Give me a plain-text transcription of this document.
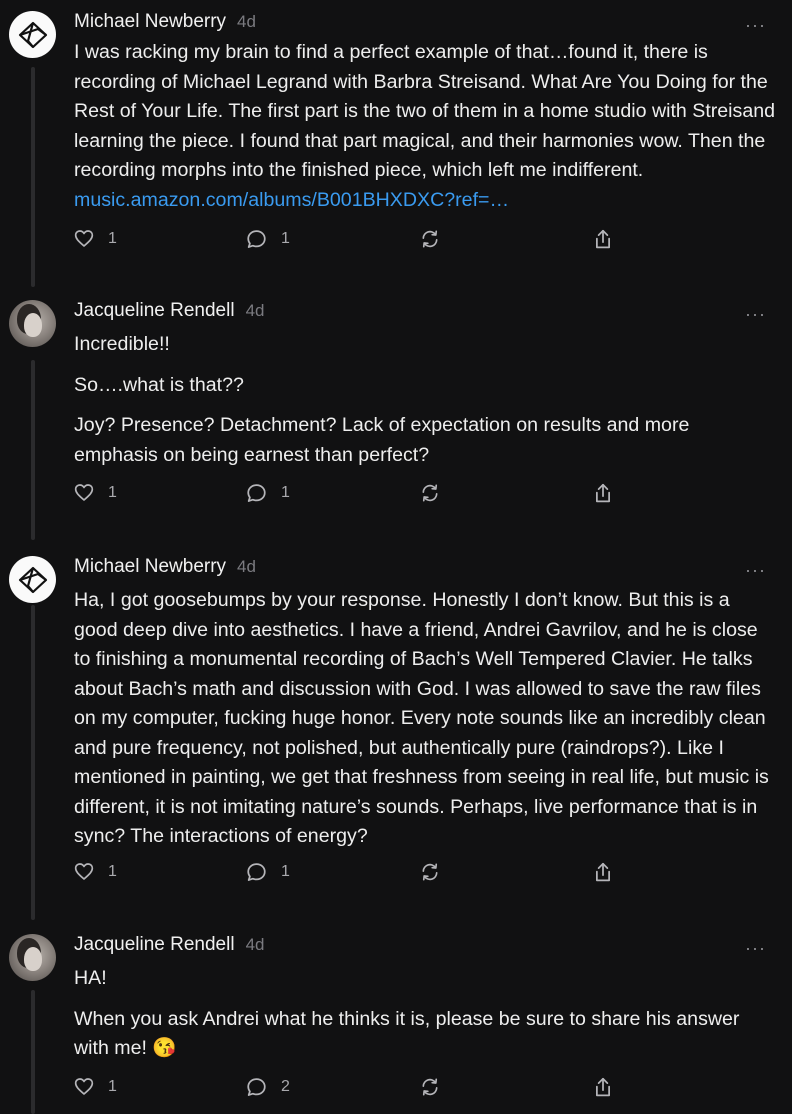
Michael Newberry 4d	···

I was racking my brain to find a perfect example of that…found it, there is recording of Michael Legrand with Barbra Streisand. What Are You Doing for the Rest of Your Life. The first part is the two of them in a home studio with Streisand learning the piece. I found that part magical, and their harmonies wow. Then the recording morphs into the finished piece, which left me indifferent. music.amazon.com/albums/B001BHXDXC?ref=…

1	1
Jacqueline Rendell 4d	···

Incredible!!

So….what is that??

Joy? Presence? Detachment? Lack of expectation on results and more emphasis on being earnest than perfect?

1	1
Michael Newberry 4d	···

Ha, I got goosebumps by your response. Honestly I don’t know. But this is a good deep dive into aesthetics. I have a friend, Andrei Gavrilov, and he is close to finishing a monumental recording of Bach’s Well Tempered Clavier. He talks about Bach’s math and discussion with God. I was allowed to save the raw files on my computer, fucking huge honor. Every note sounds like an incredibly clean and pure frequency, not polished, but authentically pure (raindrops?). Like I mentioned in painting, we get that freshness from seeing in real life, but music is different, it is not imitating nature’s sounds. Perhaps, live performance that is in sync? The interactions of energy?

1	1
Jacqueline Rendell 4d	···

HA!

When you ask Andrei what he thinks it is, please be sure to share his answer with me! 😘

1	2
